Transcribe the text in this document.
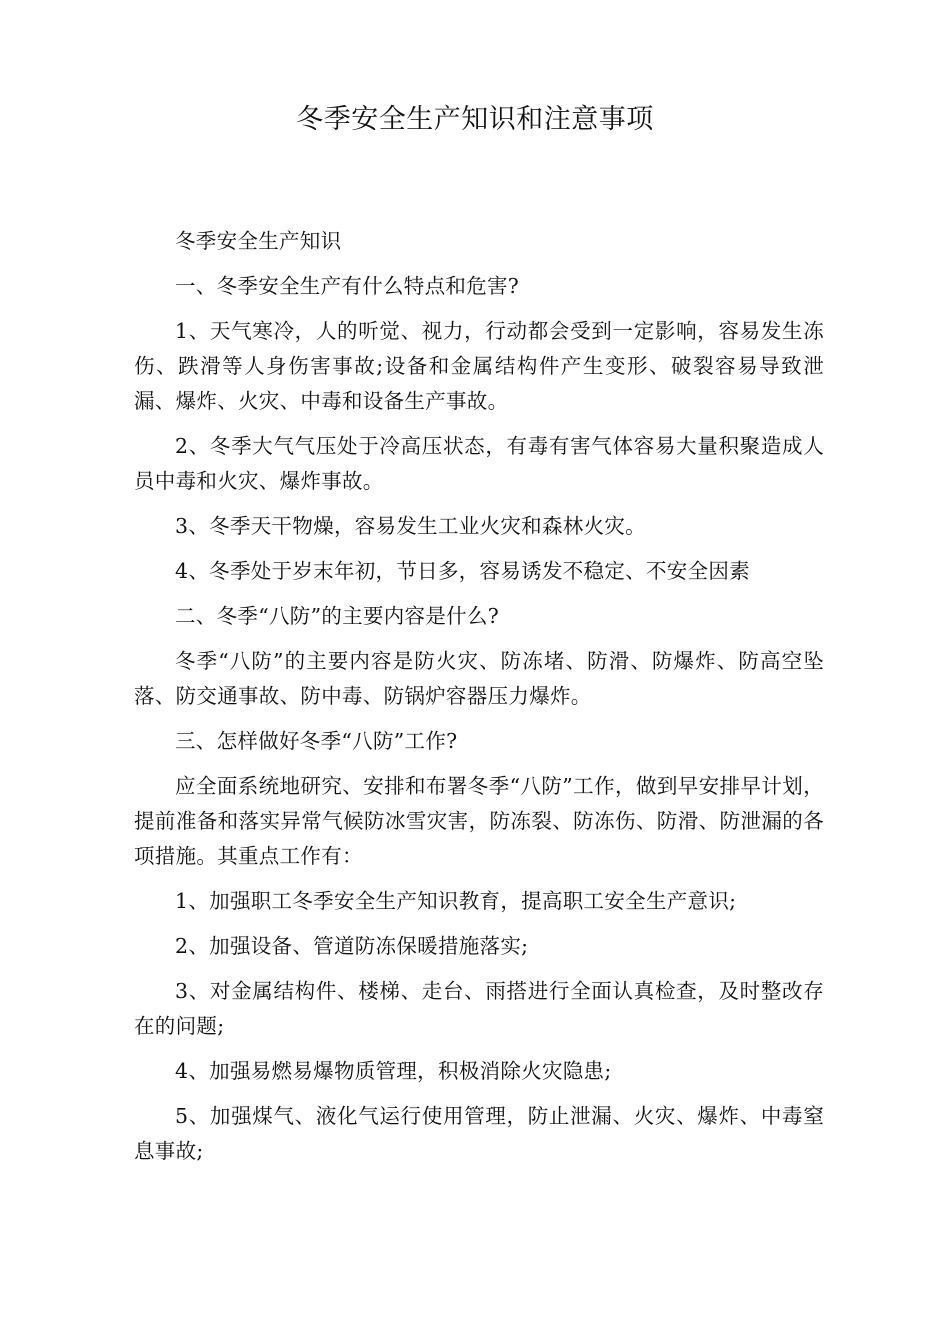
冬季安全生产知识和注意事项

冬季安全生产知识

一、冬季安全生产有什么特点和危害?

1、天气寒冷，人的听觉、视力，行动都会受到一定影响，容易发生冻伤、跌滑等人身伤害事故;设备和金属结构件产生变形、破裂容易导致泄漏、爆炸、火灾、中毒和设备生产事故。

2、冬季大气气压处于冷高压状态，有毒有害气体容易大量积聚造成人员中毒和火灾、爆炸事故。

3、冬季天干物燥，容易发生工业火灾和森林火灾。

4、冬季处于岁末年初，节日多，容易诱发不稳定、不安全因素

二、冬季“八防”的主要内容是什么?

冬季“八防”的主要内容是防火灾、防冻堵、防滑、防爆炸、防高空坠落、防交通事故、防中毒、防锅炉容器压力爆炸。

三、怎样做好冬季“八防”工作?

应全面系统地研究、安排和布署冬季“八防”工作，做到早安排早计划，提前准备和落实异常气候防冰雪灾害，防冻裂、防冻伤、防滑、防泄漏的各项措施。其重点工作有：

1、加强职工冬季安全生产知识教育，提高职工安全生产意识;

2、加强设备、管道防冻保暖措施落实;

3、对金属结构件、楼梯、走台、雨搭进行全面认真检查，及时整改存在的问题;

4、加强易燃易爆物质管理，积极消除火灾隐患;

5、加强煤气、液化气运行使用管理，防止泄漏、火灾、爆炸、中毒窒息事故;
